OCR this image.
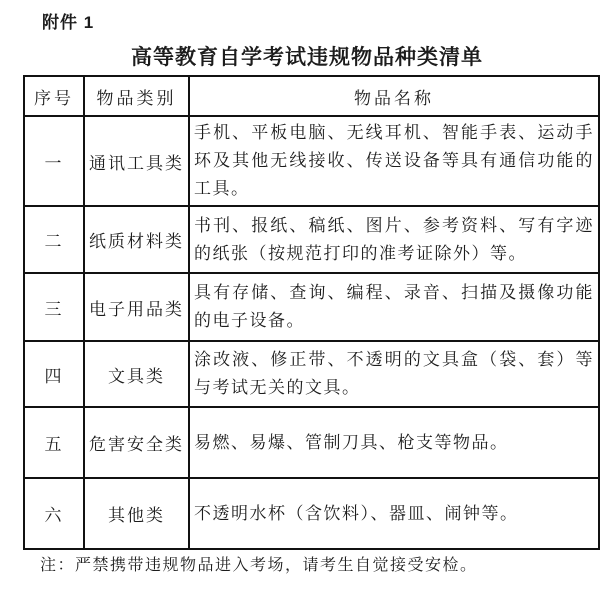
附件 1
高等教育自学考试违规物品种类清单
序号	物品类别	物品名称
一	通讯工具类	手机、平板电脑、无线耳机、智能手表、运动手环及其他无线接收、传送设备等具有通信功能的工具。
二	纸质材料类	书刊、报纸、稿纸、图片、参考资料、写有字迹的纸张（按规范打印的准考证除外）等。
三	电子用品类	具有存储、查询、编程、录音、扫描及摄像功能的电子设备。
四	文具类	涂改液、修正带、不透明的文具盒（袋、套）等与考试无关的文具。
五	危害安全类	易燃、易爆、管制刀具、枪支等物品。
六	其他类	不透明水杯（含饮料）、器皿、闹钟等。
注：严禁携带违规物品进入考场，请考生自觉接受安检。
